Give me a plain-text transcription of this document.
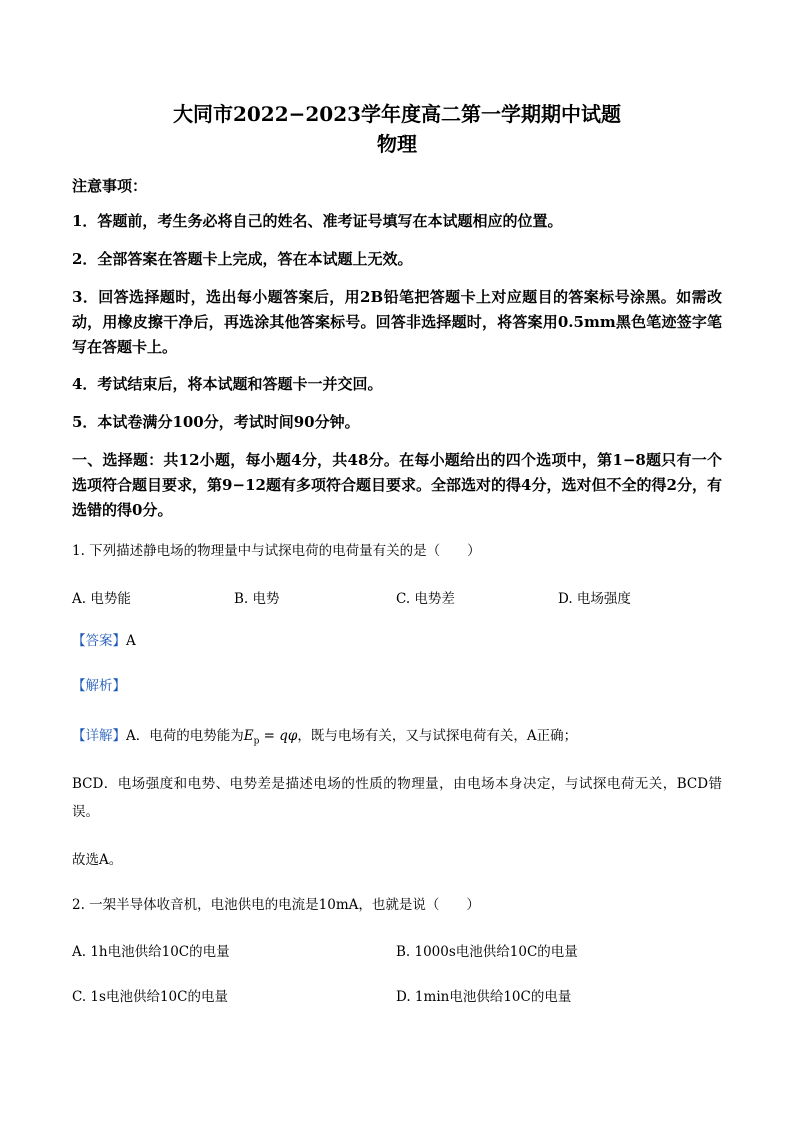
大同市2022−2023学年度高二第一学期期中试题
物理
注意事项：
1．答题前，考生务必将自己的姓名、准考证号填写在本试题相应的位置。
2．全部答案在答题卡上完成，答在本试题上无效。
3．回答选择题时，选出每小题答案后，用2B铅笔把答题卡上对应题目的答案标号涂黑。如需改动，用橡皮擦干净后，再选涂其他答案标号。回答非选择题时，将答案用0.5mm黑色笔迹签字笔写在答题卡上。
4．考试结束后，将本试题和答题卡一并交回。
5．本试卷满分100分，考试时间90分钟。
一、选择题：共12小题，每小题4分，共48分。在每小题给出的四个选项中，第1−8题只有一个选项符合题目要求，第9−12题有多项符合题目要求。全部选对的得4分，选对但不全的得2分，有选错的得0分。
1. 下列描述静电场的物理量中与试探电荷的电荷量有关的是（　　）
A. 电势能	B. 电势	C. 电势差	D. 电场强度
【答案】A
【解析】
【详解】A．电荷的电势能为$E_p = q\varphi$，既与电场有关，又与试探电荷有关，A正确；
BCD．电场强度和电势、电势差是描述电场的性质的物理量，由电场本身决定，与试探电荷无关，BCD错误。
故选A。
2. 一架半导体收音机，电池供电的电流是10mA，也就是说（　　）
A. 1h电池供给10C的电量	B. 1000s电池供给10C的电量
C. 1s电池供给10C的电量	D. 1min电池供给10C的电量
